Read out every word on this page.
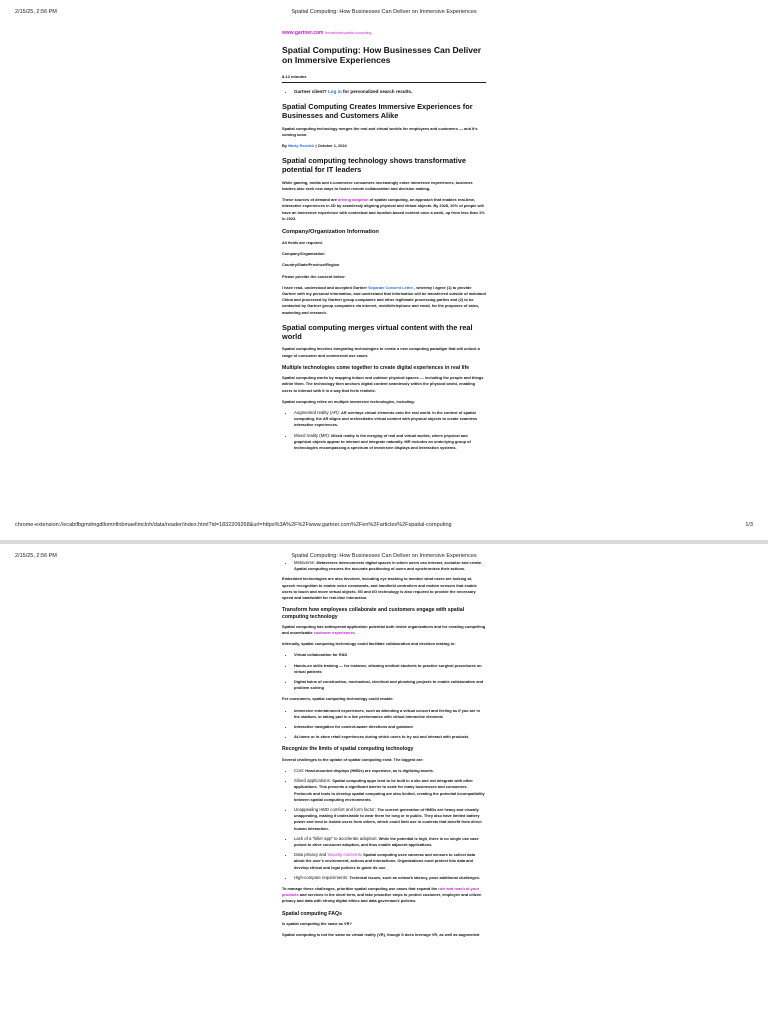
2/15/25, 2:56 PM	Spatial Computing: How Businesses Can Deliver on Immersive Experiences
www.gartner.com /en/articles/spatial-computing
Spatial Computing: How Businesses Can Deliver on Immersive Experiences
8-12 minutes
• Gartner client? Log in for personalized search results.
Spatial Computing Creates Immersive Experiences for Businesses and Customers Alike

Spatial computing technology merges the real and virtual worlds for employees and customers — and it's coming soon.

By Marty Resnick | October 1, 2024

Spatial computing technology shows transformative potential for IT leaders

While gaming, media and e-commerce consumers increasingly crave immersive experiences, business leaders also seek new ways to foster remote collaboration and decision making.

These sources of demand are driving adoption of spatial computing, an approach that enables real-time, interactive experiences in 3D by seamlessly aligning physical and virtual objects. By 2028, 20% of people will have an immersive experience with contextual and location-based content once a week, up from less than 1% in 2023.

Company/Organization Information

All fields are required.

Company/Organization

Country/State/Province/Region

Please provide the consent below

I have read, understood and accepted Gartner Separate Consent Letter , whereby I agree (1) to provide Gartner with my personal information, and understand that information will be transferred outside of mainland China and processed by Gartner group companies and other legitimate processing parties and (2) to be contacted by Gartner group companies via internet, mobile/telephone and email, for the purposes of sales, marketing and research.

Spatial computing merges virtual content with the real world

Spatial computing involves integrating technologies to create a new computing paradigm that will unlock a range of consumer and commercial use cases.

Multiple technologies come together to create digital experiences in real life

Spatial computing works by mapping indoor and outdoor physical spaces — including the people and things within them. The technology then anchors digital content seamlessly within the physical world, enabling users to interact with it in a way that feels realistic.

Spatial computing relies on multiple immersive technologies, including:

• Augmented reality (AR): AR overlays virtual elements onto the real world. In the context of spatial computing, the AR aligns and orchestrates virtual content with physical objects to create seamless interactive experiences.
• Mixed reality (MR): Mixed reality is the merging of real and virtual worlds, where physical and graphical objects appear to interact and integrate naturally. MR includes an underlying group of technologies encompassing a spectrum of immersive displays and interaction systems.
chrome-extension://ecabifbgmdmgdllomnfinbmaellmclnh/data/reader/index.html?id=1832209268&url=https%3A%2F%2Fwww.gartner.com%2Fen%2Farticles%2Fspatial-computing	1/3
2/15/25, 2:56 PM	Spatial Computing: How Businesses Can Deliver on Immersive Experiences
• Metaverse: Metaverses interconnects digital spaces in which users can interact, socialize and create. Spatial computing ensures the accurate positioning of users and synchronizes their actions.

Embedded technologies are also involved, including eye tracking to monitor what users are looking at, speech recognition to enable voice commands, and handheld controllers and motion sensors that enable users to touch and move virtual objects. 5G and 6G technology is also required to provide the necessary speed and bandwidth for real-time interaction.

Transform how employees collaborate and customers engage with spatial computing technology

Spatial computing has widespread application potential both inside organizations and for creating compelling and monetizable customer experiences.

Internally, spatial computing technology could facilitate collaboration and decision making in:

• Virtual collaboration for R&D
• Hands-on skills training — for instance, allowing medical students to practice surgical procedures on virtual patients
• Digital twins of construction, mechanical, electrical and plumbing projects to enable collaboration and problem solving

For consumers, spatial computing technology could enable:

• Immersive entertainment experiences, such as attending a virtual concert and feeling as if you are in the stadium, or taking part in a live performance with virtual interactive elements
• Interactive navigation for context-aware directions and guidance
• At-home or in-store retail experiences during which users to try out and interact with products
Recognize the limits of spatial computing technology

Several challenges to the uptake of spatial computing exist. The biggest are:

• Cost: Head-mounted displays (HMDs) are expensive, as is digitizing assets.
• Siloed applications: Spatial computing apps tend to be built in a silo and not integrate with other applications. This presents a significant barrier to scale for many businesses and consumers. Protocols and tools to develop spatial computing are also limited, creating the potential incompatibility between spatial computing environments.
• Unappealing HMD comfort and form factor: The current generation of HMDs are heavy and visually unappealing, making it undesirable to wear them for long or in public. They also have limited battery power and tend to isolate users from others, which could limit use in contexts that benefit from direct human interaction.
• Lack of a "killer app" to accelerate adoption: While the potential is high, there is no single use case poised to drive consumer adoption, and thus enable adjacent applications.
• Data privacy and security concerns: Spatial computing uses cameras and sensors to collect data about the user's environment, actions and interactions. Organizations must protect this data and develop ethical and legal policies to guide its use.
• High-compute requirements: Technical issues, such as network latency, pose additional challenges.

To manage these challenges, prioritize spatial computing use cases that expand the role and reach of your products and services in the short term, and take proactive steps to protect customer, employee and citizen privacy and data with strong digital ethics and data governance policies.

Spatial computing FAQs

Is spatial computing the same as VR?

Spatial computing is not the same as virtual reality (VR), though it does leverage VR, as well as augmented
